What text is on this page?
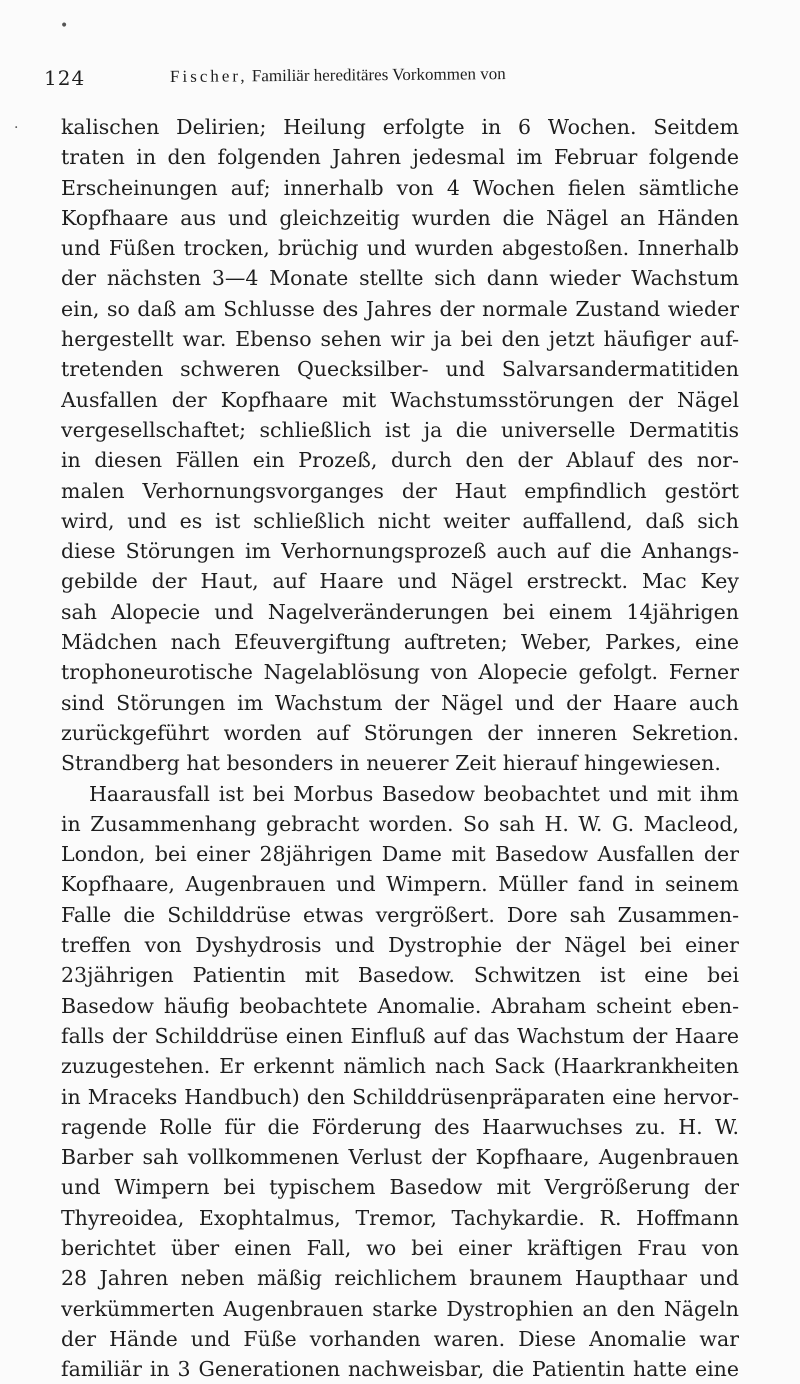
•
·
124	Fischer, Familiär hereditäres Vorkommen von
kalischen Delirien; Heilung erfolgte in 6 Wochen. Seitdem
traten in den folgenden Jahren jedesmal im Februar folgende
Erscheinungen auf; innerhalb von 4 Wochen fielen sämtliche
Kopfhaare aus und gleichzeitig wurden die Nägel an Händen
und Füßen trocken, brüchig und wurden abgestoßen. Innerhalb
der nächsten 3—4 Monate stellte sich dann wieder Wachstum
ein, so daß am Schlusse des Jahres der normale Zustand wieder
hergestellt war. Ebenso sehen wir ja bei den jetzt häufiger auf-
tretenden schweren Quecksilber- und Salvarsandermatitiden
Ausfallen der Kopfhaare mit Wachstumsstörungen der Nägel
vergesellschaftet; schließlich ist ja die universelle Dermatitis
in diesen Fällen ein Prozeß, durch den der Ablauf des nor-
malen Verhornungsvorganges der Haut empfindlich gestört
wird, und es ist schließlich nicht weiter auffallend, daß sich
diese Störungen im Verhornungsprozeß auch auf die Anhangs-
gebilde der Haut, auf Haare und Nägel erstreckt. Mac Key
sah Alopecie und Nagelveränderungen bei einem 14jährigen
Mädchen nach Efeuvergiftung auftreten; Weber, Parkes, eine
trophoneurotische Nagelablösung von Alopecie gefolgt. Ferner
sind Störungen im Wachstum der Nägel und der Haare auch
zurückgeführt worden auf Störungen der inneren Sekretion.
Strandberg hat besonders in neuerer Zeit hierauf hingewiesen.
Haarausfall ist bei Morbus Basedow beobachtet und mit ihm
in Zusammenhang gebracht worden. So sah H. W. G. Macleod,
London, bei einer 28jährigen Dame mit Basedow Ausfallen der
Kopfhaare, Augenbrauen und Wimpern. Müller fand in seinem
Falle die Schilddrüse etwas vergrößert. Dore sah Zusammen-
treffen von Dyshydrosis und Dystrophie der Nägel bei einer
23jährigen Patientin mit Basedow. Schwitzen ist eine bei
Basedow häufig beobachtete Anomalie. Abraham scheint eben-
falls der Schilddrüse einen Einfluß auf das Wachstum der Haare
zuzugestehen. Er erkennt nämlich nach Sack (Haarkrankheiten
in Mraceks Handbuch) den Schilddrüsenpräparaten eine hervor-
ragende Rolle für die Förderung des Haarwuchses zu. H. W.
Barber sah vollkommenen Verlust der Kopfhaare, Augenbrauen
und Wimpern bei typischem Basedow mit Vergrößerung der
Thyreoidea, Exophtalmus, Tremor, Tachykardie. R. Hoffmann
berichtet über einen Fall, wo bei einer kräftigen Frau von
28 Jahren neben mäßig reichlichem braunem Haupthaar und
verkümmerten Augenbrauen starke Dystrophien an den Nägeln
der Hände und Füße vorhanden waren. Diese Anomalie war
familiär in 3 Generationen nachweisbar, die Patientin hatte eine
